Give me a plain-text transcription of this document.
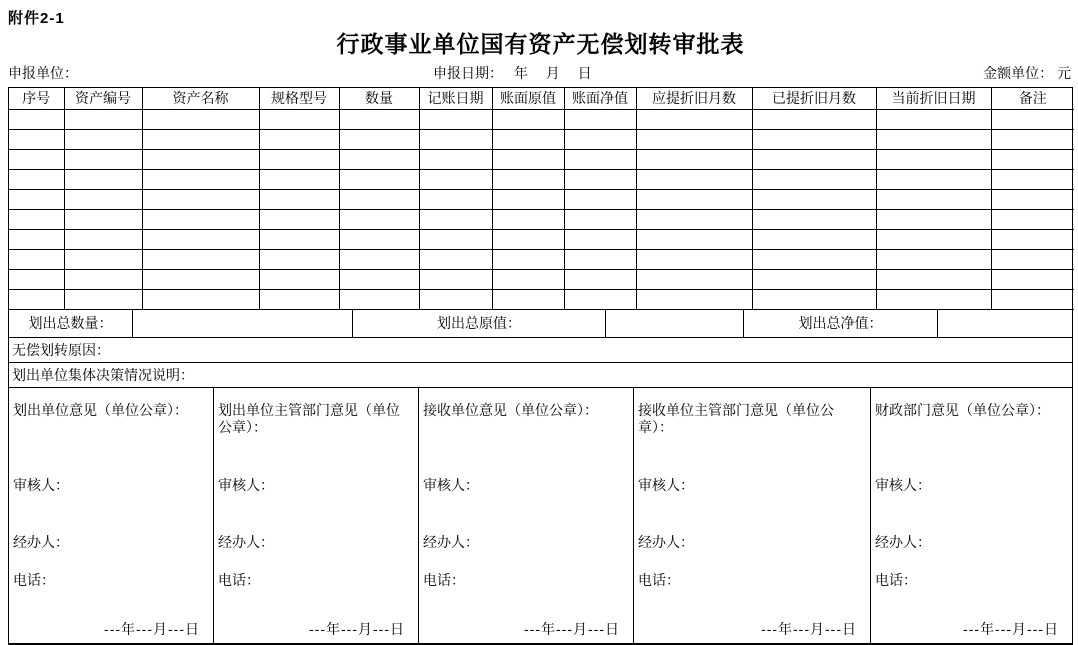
附件2-1
行政事业单位国有资产无偿划转审批表
申报单位：	申报日期：　 年　 月　 日	金额单位： 元
序号	资产编号	资产名称	规格型号	数量	记账日期	账面原值	账面净值	应提折旧月数	已提折旧月数	当前折旧日期	备注

划出总数量：	划出总原值：	划出总净值：
无偿划转原因：
划出单位集体决策情况说明：
划出单位意见（单位公章）：
审核人：
经办人：
电话：
---年---月---日
划出单位主管部门意见（单位公章）：
审核人：
经办人：
电话：
---年---月---日
接收单位意见（单位公章）：
审核人：
经办人：
电话：
---年---月---日
接收单位主管部门意见（单位公章）：
审核人：
经办人：
电话：
---年---月---日
财政部门意见（单位公章）：
审核人：
经办人：
电话：
---年---月---日
